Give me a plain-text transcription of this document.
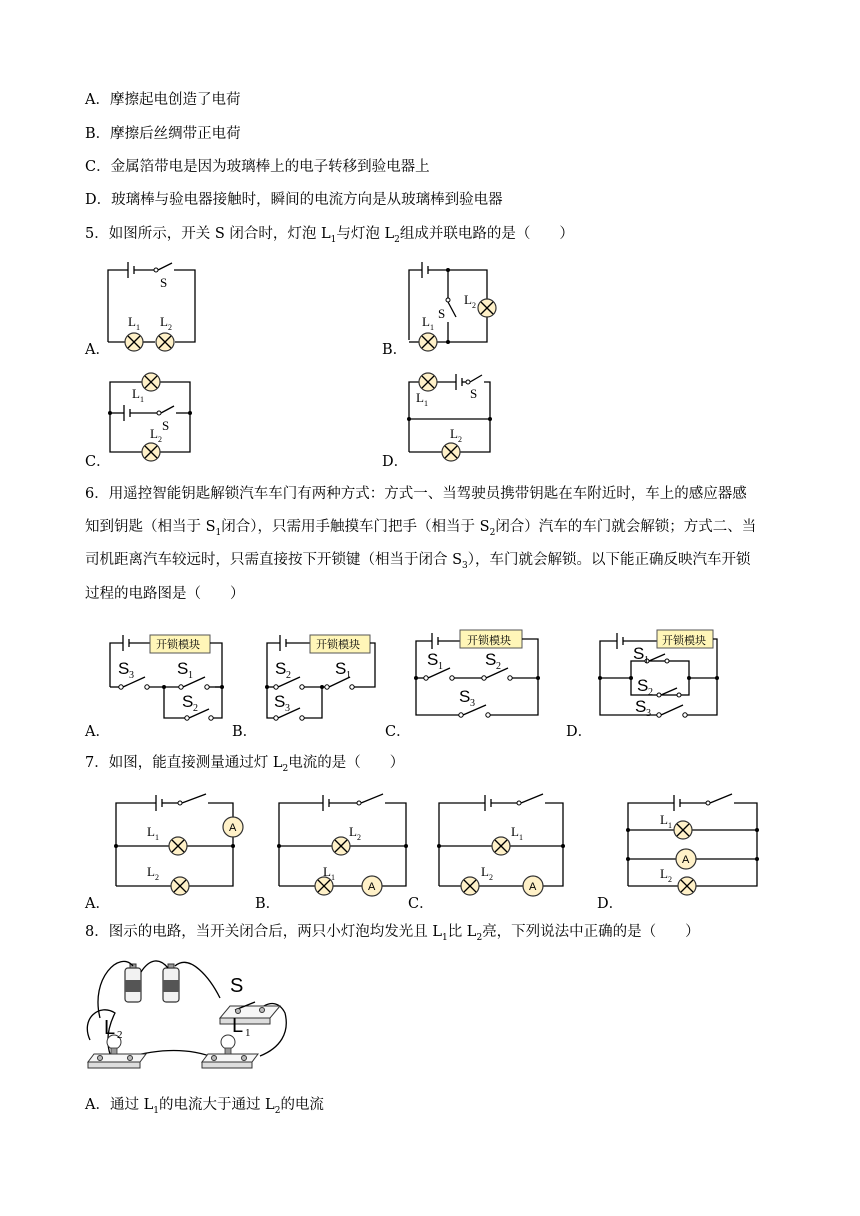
A．摩擦起电创造了电荷
B．摩擦后丝绸带正电荷
C．金属箔带电是因为玻璃棒上的电子转移到验电器上
D．玻璃棒与验电器接触时，瞬间的电流方向是从玻璃棒到验电器
5．如图所示，开关 S 闭合时，灯泡 $L_1$与灯泡 $L_2$组成并联电路的是（　　）
A．
S
L 1 L 2
B．
S
L 2
L 1
C．
L 1
S
L 2
D．
L 1
S
L 2
6．用遥控智能钥匙解锁汽车车门有两种方式：方式一、当驾驶员携带钥匙在车附近时，车上的感应器感
知到钥匙（相当于 $S_1$闭合），只需用手触摸车门把手（相当于 $S_2$闭合）汽车的车门就会解锁；方式二、当
司机距离汽车较远时，只需直接按下开锁键（相当于闭合 $S_3$），车门就会解锁。以下能正确反映汽车开锁
过程的电路图是（　　）
A．
开锁模块
S 3	S 1
S 2
B．
开锁模块
S 2	S 1
S 3
C．
开锁模块
S 1 S 2
S 3
D．
开锁模块
S 1
S 2
S 3
7．如图，能直接测量通过灯 $L_2$电流的是（　　）
A．
A
L 1
L 2
B．
A
L 2
L 1
C．
A
L 1
L 2
D．
A
L 1
L 2
8．图示的电路，当开关闭合后，两只小灯泡均发光且 $L_1$比 $L_2$亮，下列说法中正确的是（　　）
S
L 2	L 1
A．通过 $L_1$的电流大于通过 $L_2$的电流
